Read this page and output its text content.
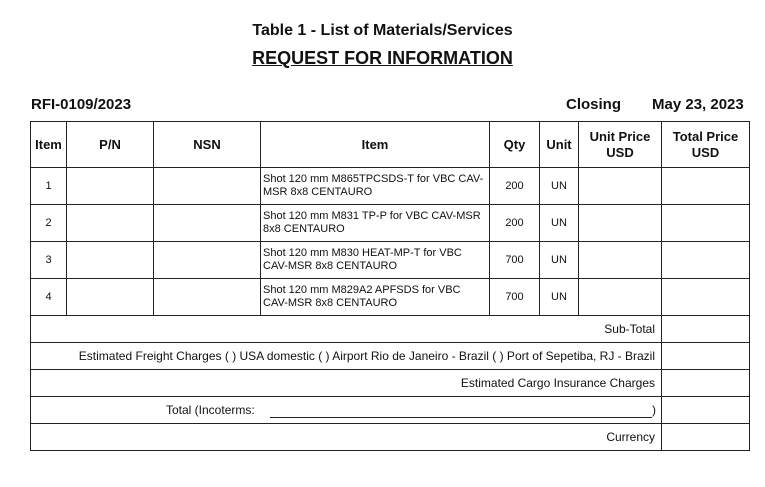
Table 1 - List of Materials/Services
REQUEST FOR INFORMATION
RFI-0109/2023	Closing May 23, 2023
Item	P/N	NSN	Item	Qty	Unit	Unit Price USD	Total Price USD
1			Shot 120 mm M865TPCSDS-T for VBC CAV-MSR 8x8 CENTAURO	200	UN		
2			Shot 120 mm M831 TP-P for VBC CAV-MSR 8x8 CENTAURO	200	UN		
3			Shot 120 mm M830 HEAT-MP-T for VBC CAV-MSR 8x8 CENTAURO	700	UN		
4			Shot 120 mm M829A2 APFSDS for VBC CAV-MSR 8x8 CENTAURO	700	UN		
Sub-Total							
Estimated Freight Charges ( ) USA domestic ( ) Airport Rio de Janeiro - Brazil ( ) Port of Sepetiba, RJ - Brazil							
Estimated Cargo Insurance Charges							

Total (Incoterms: )							

Currency							
